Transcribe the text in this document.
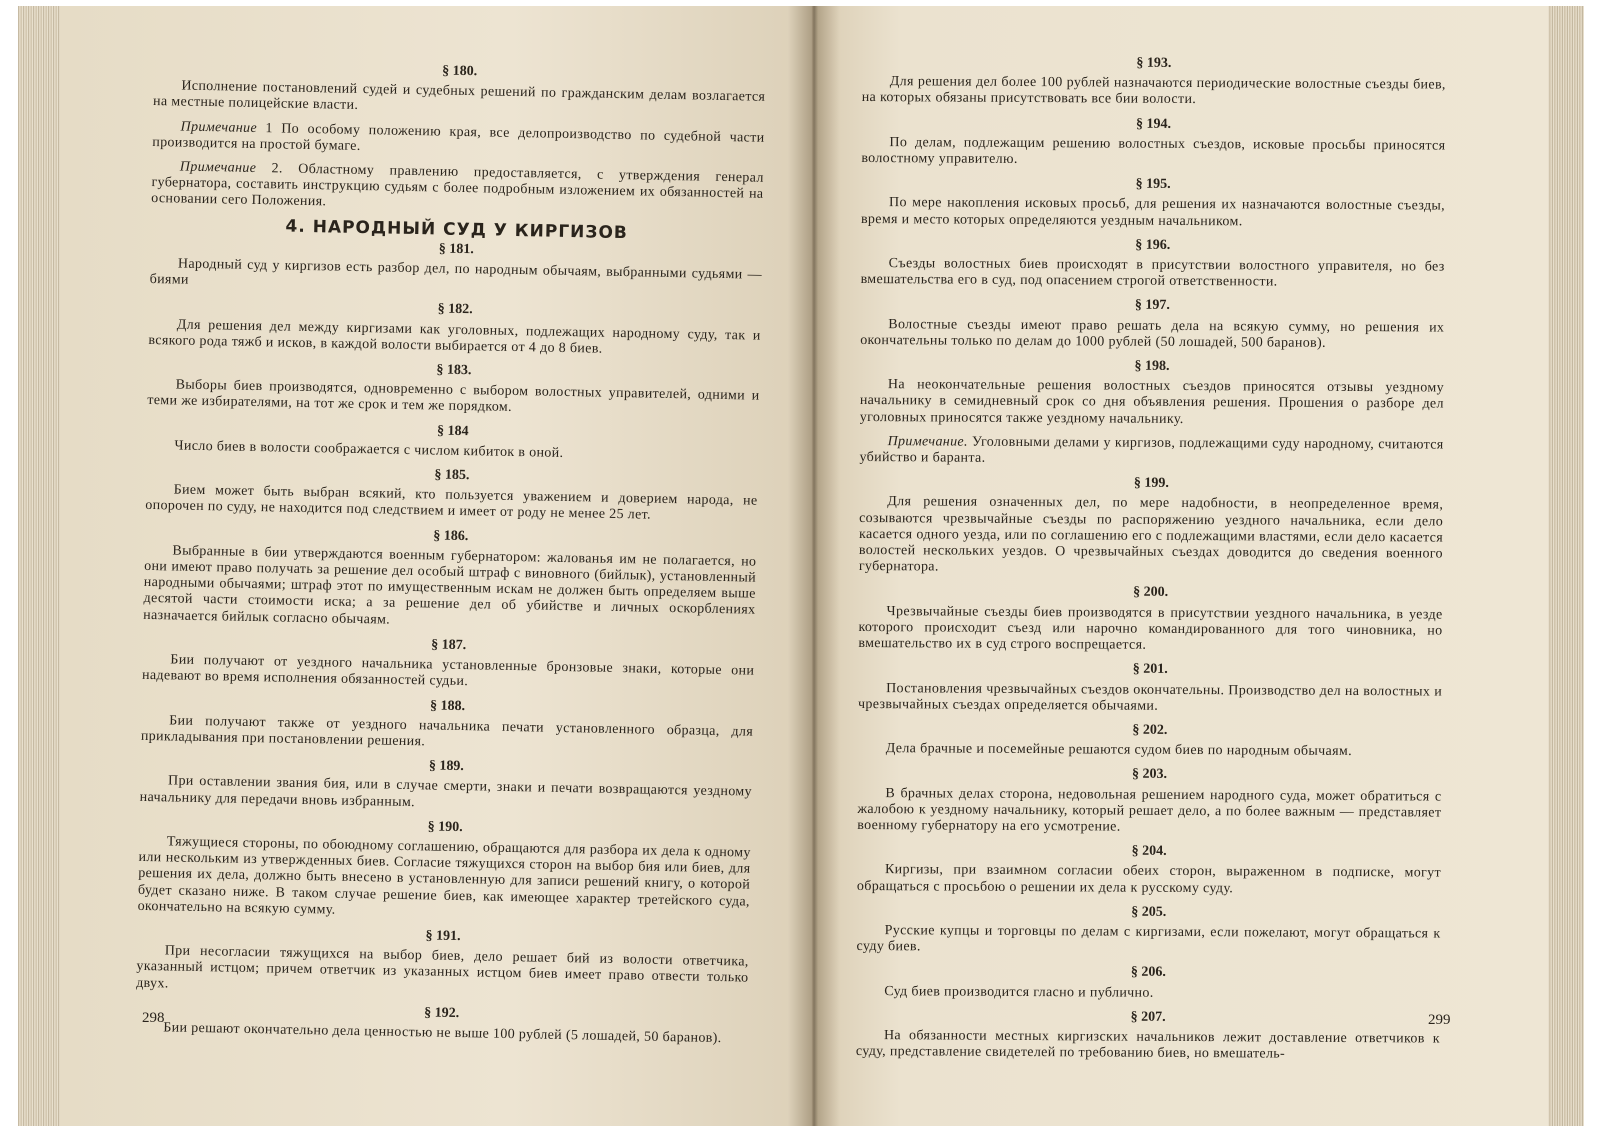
§ 180.
Исполнение постановлений судей и судебных решений по гражданским делам возлагается на местные полицейские власти.
Примечание 1 По особому положению края, все делопроизводство по судебной части производится на простой бумаге.
Примечание 2. Областному правлению предоставляется, с утверждения генерал губернатора, составить инструкцию судьям с более подробным изложением их обязанностей на основании сего Положения.
4. НАРОДНЫЙ СУД У КИРГИЗОВ
§ 181.
Народный суд у киргизов есть разбор дел, по народным обычаям, выбранными судьями — биями
§ 182.
Для решения дел между киргизами как уголовных, подлежащих народному суду, так и всякого рода тяжб и исков, в каждой волости выбирается от 4 до 8 биев.
§ 183.
Выборы биев производятся, одновременно с выбором волостных управителей, одними и теми же избирателями, на тот же срок и тем же порядком.
§ 184
Число биев в волости соображается с числом кибиток в оной.
§ 185.
Бием может быть выбран всякий, кто пользуется уважением и доверием народа, не опорочен по суду, не находится под следствием и имеет от роду не менее 25 лет.
§ 186.
Выбранные в бии утверждаются военным губернатором: жалованья им не полагается, но они имеют право получать за решение дел особый штраф с виновного (бийлык), установленный народными обычаями; штраф этот по имущественным искам не должен быть определяем выше десятой части стоимости иска; а за решение дел об убийстве и личных оскорблениях назначается бийлык согласно обычаям.
§ 187.
Бии получают от уездного начальника установленные бронзовые знаки, которые они надевают во время исполнения обязанностей судьи.
§ 188.
Бии получают также от уездного начальника печати установленного образца, для прикладывания при постановлении решения.
§ 189.
При оставлении звания бия, или в случае смерти, знаки и печати возвращаются уездному начальнику для передачи вновь избранным.
§ 190.
Тяжущиеся стороны, по обоюдному соглашению, обращаются для разбора их дела к одному или нескольким из утвержденных биев. Согласие тяжущихся сторон на выбор бия или биев, для решения их дела, должно быть внесено в установленную для записи решений книгу, о которой будет сказано ниже. В таком случае решение биев, как имеющее характер третейского суда, окончательно на всякую сумму.
§ 191.
При несогласии тяжущихся на выбор биев, дело решает бий из волости ответчика, указанный истцом; причем ответчик из указанных истцом биев имеет право отвести только двух.
§ 192.
Бии решают окончательно дела ценностью не выше 100 рублей (5 лошадей, 50 баранов).
§ 193.
Для решения дел более 100 рублей назначаются периодические волостные съезды биев, на которых обязаны присутствовать все бии волости.
§ 194.
По делам, подлежащим решению волостных съездов, исковые просьбы приносятся волостному управителю.
§ 195.
По мере накопления исковых просьб, для решения их назначаются волостные съезды, время и место которых определяются уездным начальником.
§ 196.
Съезды волостных биев происходят в присутствии волостного управителя, но без вмешательства его в суд, под опасением строгой ответственности.
§ 197.
Волостные съезды имеют право решать дела на всякую сумму, но решения их окончательны только по делам до 1000 рублей (50 лошадей, 500 баранов).
§ 198.
На неокончательные решения волостных съездов приносятся отзывы уездному начальнику в семидневный срок со дня объявления решения. Прошения о разборе дел уголовных приносятся также уездному начальнику.
Примечание. Уголовными делами у киргизов, подлежащими суду народному, считаются убийство и баранта.
§ 199.
Для решения означенных дел, по мере надобности, в неопределенное время, созываются чрезвычайные съезды по распоряжению уездного начальника, если дело касается одного уезда, или по соглашению его с подлежащими властями, если дело касается волостей нескольких уездов. О чрезвычайных съездах доводится до сведения военного губернатора.
§ 200.
Чрезвычайные съезды биев производятся в присутствии уездного начальника, в уезде которого происходит съезд или нарочно командированного для того чиновника, но вмешательство их в суд строго воспрещается.
§ 201.
Постановления чрезвычайных съездов окончательны. Производство дел на волостных и чрезвычайных съездах определяется обычаями.
§ 202.
Дела брачные и посемейные решаются судом биев по народным обычаям.
§ 203.
В брачных делах сторона, недовольная решением народного суда, может обратиться с жалобою к уездному начальнику, который решает дело, а по более важным — представляет военному губернатору на его усмотрение.
§ 204.
Киргизы, при взаимном согласии обеих сторон, выраженном в подписке, могут обращаться с просьбою о решении их дела к русскому суду.
§ 205.
Русские купцы и торговцы по делам с киргизами, если пожелают, могут обращаться к суду биев.
§ 206.
Суд биев производится гласно и публично.
§ 207.
На обязанности местных киргизских начальников лежит доставление ответчиков к суду, представление свидетелей по требованию биев, но вмешатель-
298	299
